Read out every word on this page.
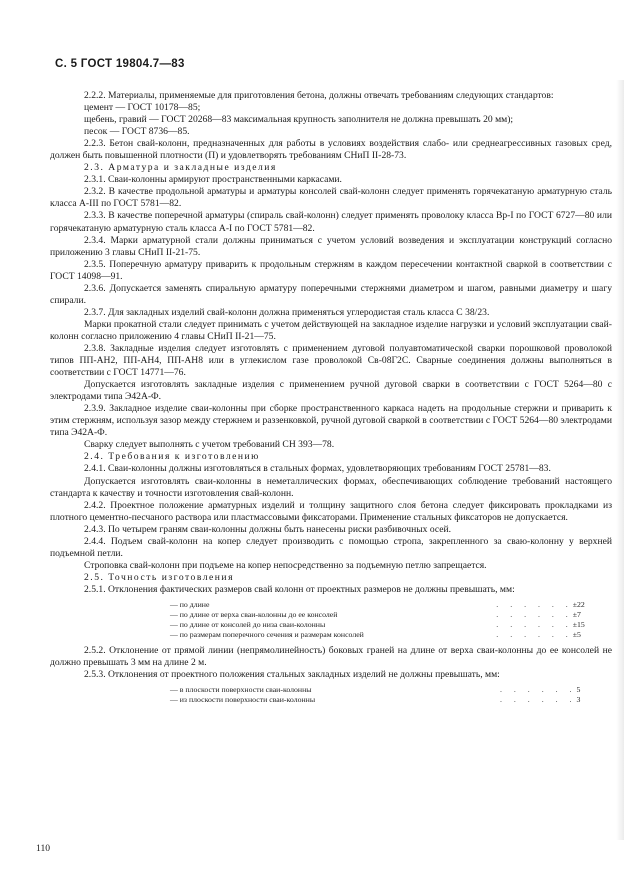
С. 5 ГОСТ 19804.7—83

2.2.2. Материалы, применяемые для приготовления бетона, должны отвечать требованиям следующих стандартов:

цемент — ГОСТ 10178—85;

щебень, гравий — ГОСТ 20268—83 максимальная крупность заполнителя не должна превышать 20 мм);

песок — ГОСТ 8736—85.

2.2.3. Бетон свай-колонн, предназначенных для работы в условиях воздействия слабо- или среднеагрессивных газовых сред, должен быть повышенной плотности (П) и удовлетворять требованиям СНиП II-28-73.

2.3. Арматура и закладные изделия

2.3.1. Сваи-колонны армируют пространственными каркасами.

2.3.2. В качестве продольной арматуры и арматуры консолей свай-колонн следует применять горячекатаную арматурную сталь класса А-III по ГОСТ 5781—82.

2.3.3. В качестве поперечной арматуры (спираль свай-колонн) следует применять проволоку класса Вр-I по ГОСТ 6727—80 или горячекатаную арматурную сталь класса А-I по ГОСТ 5781—82.

2.3.4. Марки арматурной стали должны приниматься с учетом условий возведения и эксплуатации конструкций согласно приложению 3 главы СНиП II-21-75.

2.3.5. Поперечную арматуру приварить к продольным стержням в каждом пересечении контактной сваркой в соответствии с ГОСТ 14098—91.

2.3.6. Допускается заменять спиральную арматуру поперечными стержнями диаметром и шагом, равными диаметру и шагу спирали.

2.3.7. Для закладных изделий свай-колонн должна применяться углеродистая сталь класса С 38/23.

Марки прокатной стали следует принимать с учетом действующей на закладное изделие нагрузки и условий эксплуатации свай-колонн согласно приложению 4 главы СНиП II-21—75.

2.3.8. Закладные изделия следует изготовлять с применением дуговой полуавтоматической сварки порошковой проволокой типов ПП-АН2, ПП-АН4, ПП-АН8 или в углекислом газе проволокой Св-08Г2С. Сварные соединения должны выполняться в соответствии с ГОСТ 14771—76.

Допускается изготовлять закладные изделия с применением ручной дуговой сварки в соответствии с ГОСТ 5264—80 с электродами типа Э42А-Ф.

2.3.9. Закладное изделие сваи-колонны при сборке пространственного каркаса надеть на продольные стержни и приварить к этим стержням, используя зазор между стержнем и раззенковкой, ручной дуговой сваркой в соответствии с ГОСТ 5264—80 электродами типа Э42А-Ф.

Сварку следует выполнять с учетом требований СН 393—78.

2.4. Требования к изготовлению

2.4.1. Сваи-колонны должны изготовляться в стальных формах, удовлетворяющих требованиям ГОСТ 25781—83.

Допускается изготовлять сваи-колонны в неметаллических формах, обеспечивающих соблюдение требований настоящего стандарта к качеству и точности изготовления свай-колонн.

2.4.2. Проектное положение арматурных изделий и толщину защитного слоя бетона следует фиксировать прокладками из плотного цементно-песчаного раствора или пластмассовыми фиксаторами. Применение стальных фиксаторов не допускается.

2.4.3. По четырем граням сваи-колонны должны быть нанесены риски разбивочных осей.

2.4.4. Подъем свай-колонн на копер следует производить с помощью стропа, закрепленного за сваю-колонну у верхней подъемной петли.

Строповка свай-колонн при подъеме на копер непосредственно за подъемную петлю запрещается.

2.5. Точность изготовления

2.5.1. Отклонения фактических размеров свай колонн от проектных размеров не должны превышать, мм:

— по длине	. . . . . .	±22
— по длине от верха сваи-колонны до ее консолей	. . . . . .	±7
— по длине от консолей до низа сваи-колонны	. . . . . .	±15
— по размерам поперечного сечения и размерам консолей	. . . . . .	±5

2.5.2. Отклонение от прямой линии (непрямолинейность) боковых граней на длине от верха сваи-колонны до ее консолей не должно превышать 3 мм на длине 2 м.

2.5.3. Отклонения от проектного положения стальных закладных изделий не должны превышать, мм:

— в плоскости поверхности сваи-колонны	. . . . . .	5
— из плоскости поверхности сваи-колонны	. . . . . .	3
110
